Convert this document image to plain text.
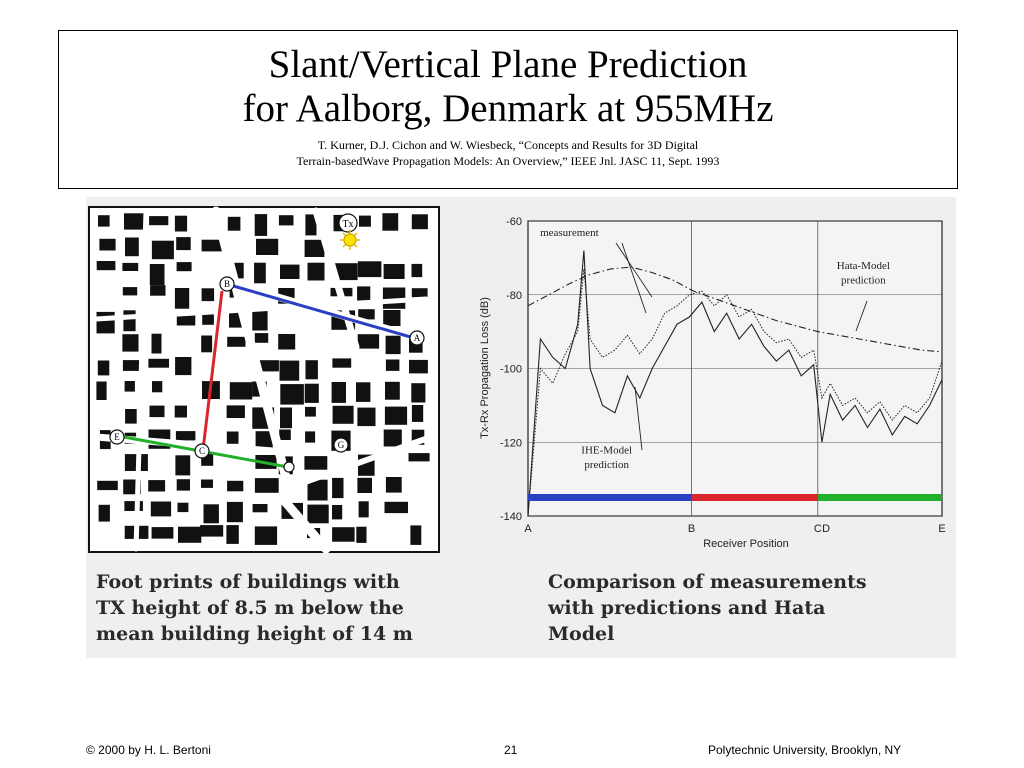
Slant/Vertical Plane Prediction
for Aalborg, Denmark at 955MHz
T. Kurner, D.J. Cichon and W. Wiesbeck, “Concepts and Results for 3D Digital
Terrain-basedWave Propagation Models: An Overview,” IEEE Jnl. JASC 11, Sept. 1993
Tx
B
A
E
C
G
-60
-80
-100
-120
-140
A	B	C D	E
measurement
Hata-Model
prediction
IHE-Model
prediction
Tx-Rx Propagation Loss (dB)
Receiver Position
Foot prints of buildings with
TX height of 8.5 m below the
mean building height of 14 m
Comparison of measurements
with predictions and Hata
Model
© 2000 by H. L. Bertoni	21	Polytechnic University, Brooklyn, NY
